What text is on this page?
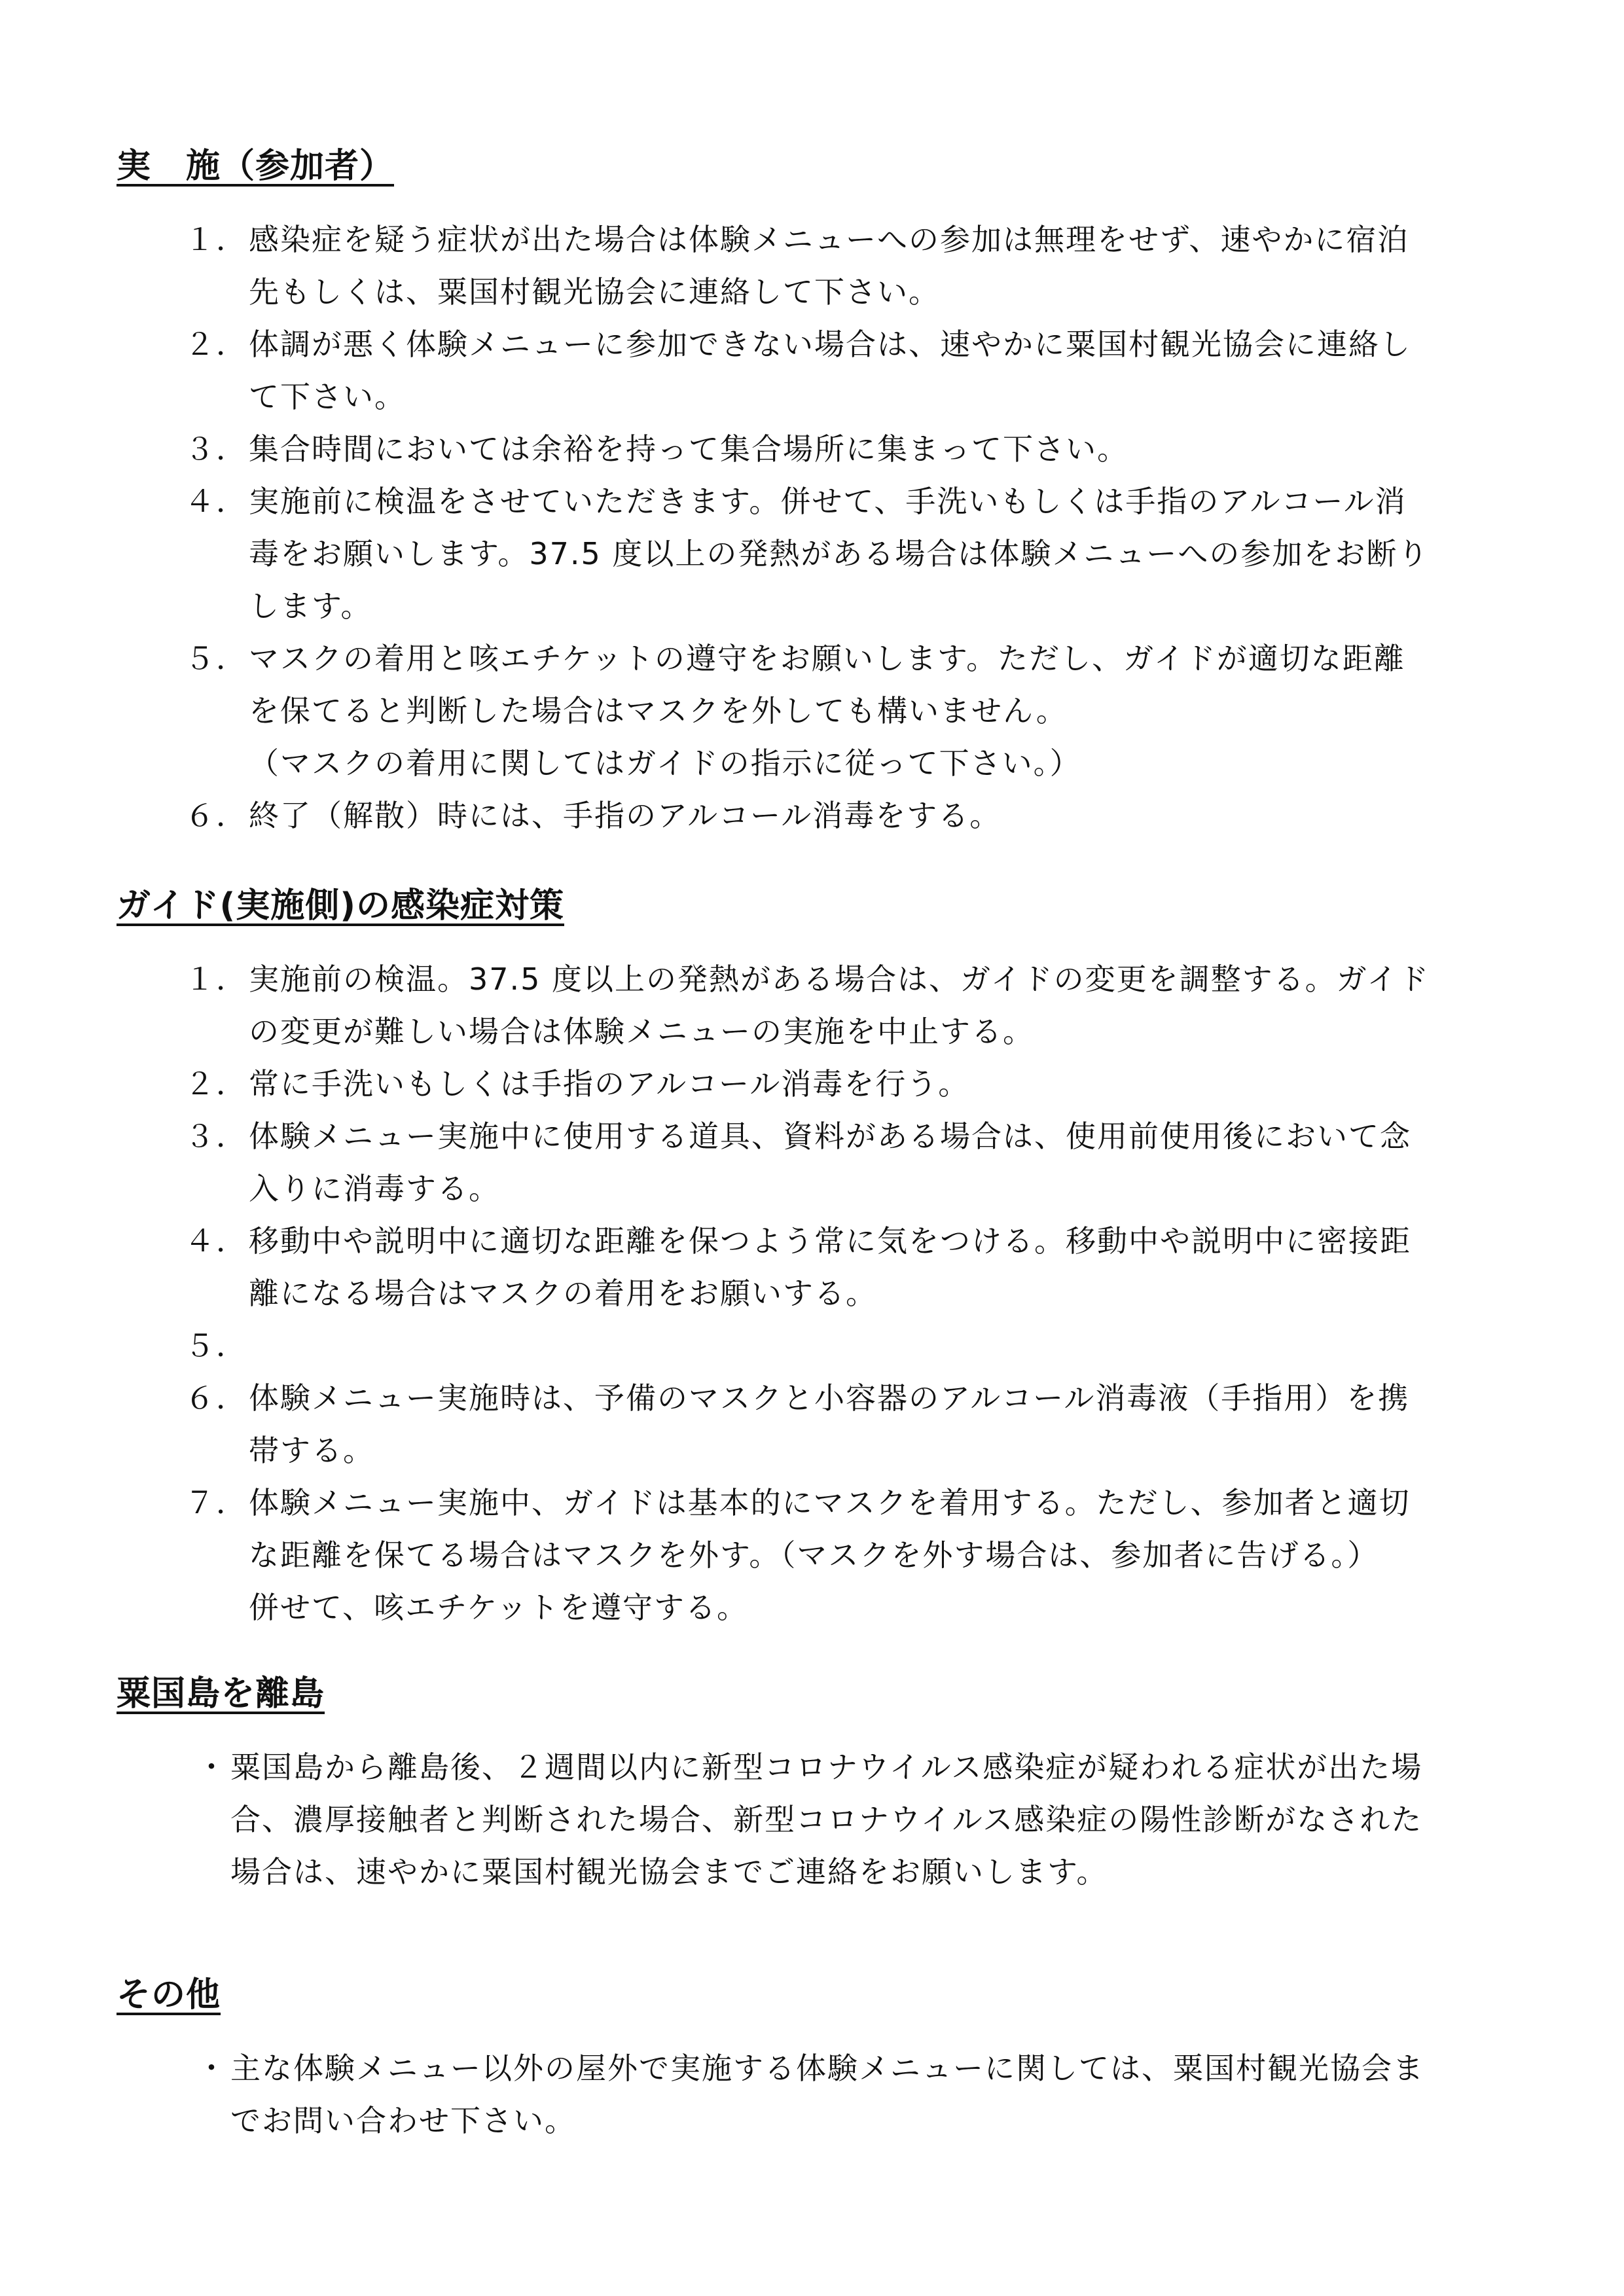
実　施（参加者）
１． 感染症を疑う症状が出た場合は体験メニューへの参加は無理をせず、速やかに宿泊
先もしくは、粟国村観光協会に連絡して下さい。
２． 体調が悪く体験メニューに参加できない場合は、速やかに粟国村観光協会に連絡し
て下さい。
３． 集合時間においては余裕を持って集合場所に集まって下さい。
４． 実施前に検温をさせていただきます。併せて、手洗いもしくは手指のアルコール消
毒をお願いします。37.5 度以上の発熱がある場合は体験メニューへの参加をお断り
します。
５． マスクの着用と咳エチケットの遵守をお願いします。ただし、ガイドが適切な距離
を保てると判断した場合はマスクを外しても構いません。
（マスクの着用に関してはガイドの指示に従って下さい。）
６． 終了（解散）時には、手指のアルコール消毒をする。
ガイド(実施側)の感染症対策
１． 実施前の検温。37.5 度以上の発熱がある場合は、ガイドの変更を調整する。ガイド
の変更が難しい場合は体験メニューの実施を中止する。
２． 常に手洗いもしくは手指のアルコール消毒を行う。
３． 体験メニュー実施中に使用する道具、資料がある場合は、使用前使用後において念
入りに消毒する。
４． 移動中や説明中に適切な距離を保つよう常に気をつける。移動中や説明中に密接距
離になる場合はマスクの着用をお願いする。
５．

６． 体験メニュー実施時は、予備のマスクと小容器のアルコール消毒液（手指用）を携
帯する。
７． 体験メニュー実施中、ガイドは基本的にマスクを着用する。ただし、参加者と適切
な距離を保てる場合はマスクを外す。（マスクを外す場合は、参加者に告げる。）
併せて、咳エチケットを遵守する。
粟国島を離島
・ 粟国島から離島後、２週間以内に新型コロナウイルス感染症が疑われる症状が出た場
合、濃厚接触者と判断された場合、新型コロナウイルス感染症の陽性診断がなされた
場合は、速やかに粟国村観光協会までご連絡をお願いします。
その他
・ 主な体験メニュー以外の屋外で実施する体験メニューに関しては、粟国村観光協会ま
でお問い合わせ下さい。
